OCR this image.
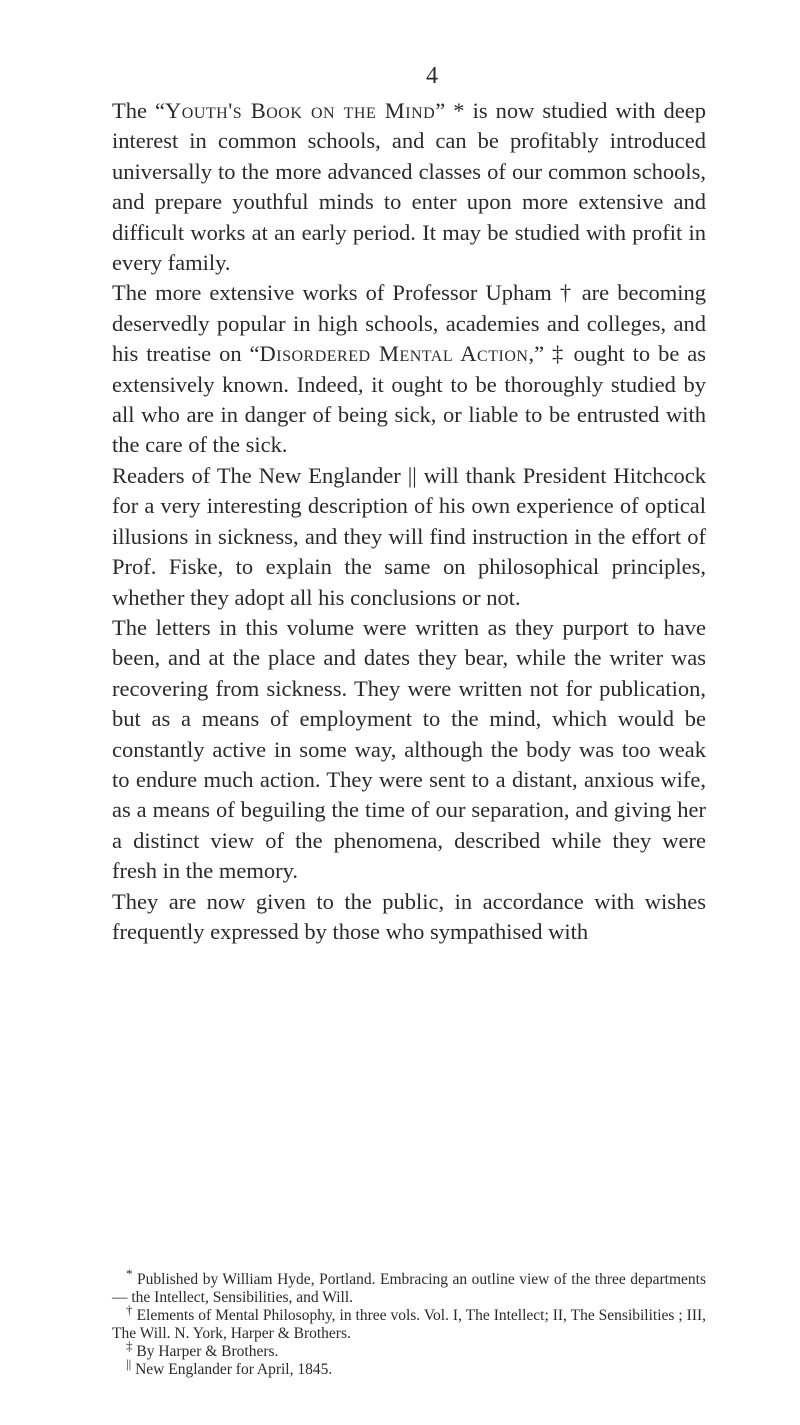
4

The “Youth's Book on the Mind” * is now studied with deep interest in common schools, and can be profitably introduced universally to the more advanced classes of our common schools, and prepare youthful minds to enter upon more extensive and difficult works at an early period. It may be studied with profit in every family.

The more extensive works of Professor Upham † are becoming deservedly popular in high schools, academies and colleges, and his treatise on “Disordered Mental Action,” ‡ ought to be as extensively known. Indeed, it ought to be thoroughly studied by all who are in danger of being sick, or liable to be entrusted with the care of the sick.

Readers of The New Englander || will thank President Hitchcock for a very interesting description of his own experience of optical illusions in sickness, and they will find instruction in the effort of Prof. Fiske, to explain the same on philosophical principles, whether they adopt all his conclusions or not.

The letters in this volume were written as they purport to have been, and at the place and dates they bear, while the writer was recovering from sickness. They were written not for publication, but as a means of employment to the mind, which would be constantly active in some way, although the body was too weak to endure much action. They were sent to a distant, anxious wife, as a means of beguiling the time of our separation, and giving her a distinct view of the phenomena, described while they were fresh in the memory.

They are now given to the public, in accordance with wishes frequently expressed by those who sympathised with

* Published by William Hyde, Portland. Embracing an outline view of the three departments — the Intellect, Sensibilities, and Will.

† Elements of Mental Philosophy, in three vols. Vol. I, The Intellect; II, The Sensibilities ; III, The Will. N. York, Harper & Brothers.

‡ By Harper & Brothers.

|| New Englander for April, 1845.
